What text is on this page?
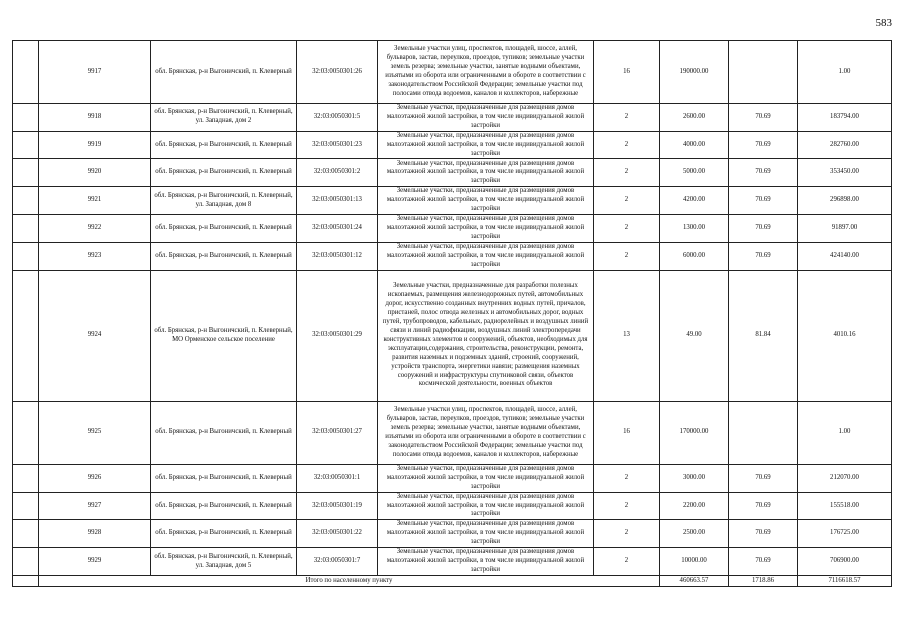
583
	9917	обл. Брянская, р-н Выгоничский, п. Клеверный	32:03:0050301:26	Земельные участки улиц, проспектов, площадей, шоссе, аллей, бульваров, застав, переулков, проездов, тупиков; земельные участки земель резерва; земельные участки, занятые водными объектами, изъятыми из оборота или ограниченными в обороте в соответствии с законодательством Российской Федерации; земельные участки под полосами отвода водоемов, каналов и коллекторов, набережные	16	190000.00		1.00
	9918	обл. Брянская, р-н Выгоничский, п. Клеверный, ул. Западная, дом 2	32:03:0050301:5	Земельные участки, предназначенные для размещения домов малоэтажной жилой застройки, в том числе индивидуальной жилой застройки	2	2600.00	70.69	183794.00
	9919	обл. Брянская, р-н Выгоничский, п. Клеверный	32:03:0050301:23	Земельные участки, предназначенные для размещения домов малоэтажной жилой застройки, в том числе индивидуальной жилой застройки	2	4000.00	70.69	282760.00
	9920	обл. Брянская, р-н Выгоничский, п. Клеверный	32:03:0050301:2	Земельные участки, предназначенные для размещения домов малоэтажной жилой застройки, в том числе индивидуальной жилой застройки	2	5000.00	70.69	353450.00
	9921	обл. Брянская, р-н Выгоничский, п. Клеверный, ул. Западная, дом 8	32:03:0050301:13	Земельные участки, предназначенные для размещения домов малоэтажной жилой застройки, в том числе индивидуальной жилой застройки	2	4200.00	70.69	296898.00
	9922	обл. Брянская, р-н Выгоничский, п. Клеверный	32:03:0050301:24	Земельные участки, предназначенные для размещения домов малоэтажной жилой застройки, в том числе индивидуальной жилой застройки	2	1300.00	70.69	91897.00
	9923	обл. Брянская, р-н Выгоничский, п. Клеверный	32:03:0050301:12	Земельные участки, предназначенные для размещения домов малоэтажной жилой застройки, в том числе индивидуальной жилой застройки	2	6000.00	70.69	424140.00
	9924	обл. Брянская, р-н Выгоничский, п. Клеверный, МО Орменское сельское поселение	32:03:0050301:29	Земельные участки, предназначенные для разработки полезных ископаемых, размещения железнодорожных путей, автомобильных дорог, искусственно созданных внутренних водных путей, причалов, пристаней, полос отвода железных и автомобильных дорог, водных путей, трубопроводов, кабельных, радиорелейных и воздушных линий связи и линий радиофикации, воздушных линий электропередачи конструктивных элементов и сооружений, объектов, необходимых для эксплуатации,содержания, строительства, реконструкции, ремонта, развития наземных и подземных зданий, строений, сооружений, устройств транспорта, энергетики навязи; размещения наземных сооружений и инфраструктуры спутниковой связи, объектов космической деятельности, военных объектов	13	49.00	81.84	4010.16
	9925	обл. Брянская, р-н Выгоничский, п. Клеверный	32:03:0050301:27	Земельные участки улиц, проспектов, площадей, шоссе, аллей, бульваров, застав, переулков, проездов, тупиков; земельные участки земель резерва; земельные участки, занятые водными объектами, изъятыми из оборота или ограниченными в обороте в соответствии с законодательством Российской Федерации; земельные участки под полосами отвода водоемов, каналов и коллекторов, набережные	16	170000.00		1.00
	9926	обл. Брянская, р-н Выгоничский, п. Клеверный	32:03:0050301:1	Земельные участки, предназначенные для размещения домов малоэтажной жилой застройки, в том числе индивидуальной жилой застройки	2	3000.00	70.69	212070.00
	9927	обл. Брянская, р-н Выгоничский, п. Клеверный	32:03:0050301:19	Земельные участки, предназначенные для размещения домов малоэтажной жилой застройки, в том числе индивидуальной жилой застройки	2	2200.00	70.69	155518.00
	9928	обл. Брянская, р-н Выгоничский, п. Клеверный	32:03:0050301:22	Земельные участки, предназначенные для размещения домов малоэтажной жилой застройки, в том числе индивидуальной жилой застройки	2	2500.00	70.69	176725.00
	9929	обл. Брянская, р-н Выгоничский, п. Клеверный, ул. Западная, дом 5	32:03:0050301:7	Земельные участки, предназначенные для размещения домов малоэтажной жилой застройки, в том числе индивидуальной жилой застройки	2	10000.00	70.69	706900.00
	Итого по населенному пункту					460663.57	1718.86	7116618.57
